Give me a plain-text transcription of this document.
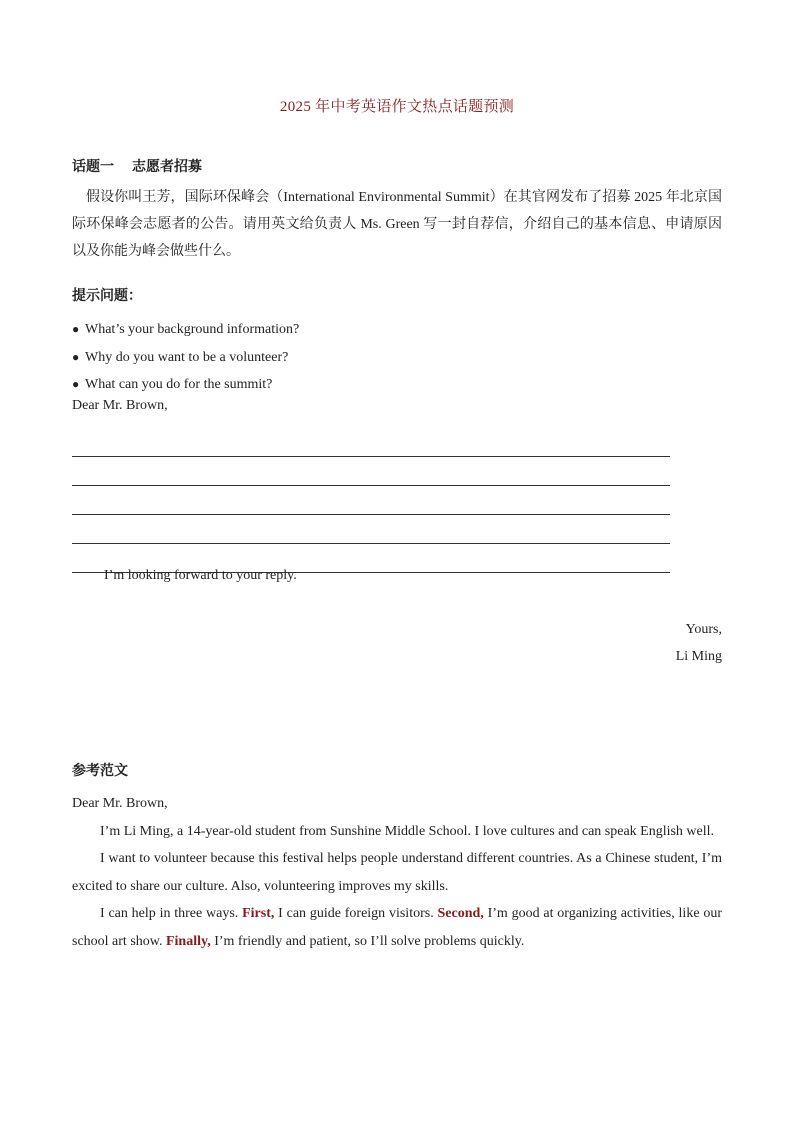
2025 年中考英语作文热点话题预测
话题一 志愿者招募
假设你叫王芳，国际环保峰会（International Environmental Summit）在其官网发布了招募 2025 年北京国际环保峰会志愿者的公告。请用英文给负责人 Ms. Green 写一封自荐信，介绍自己的基本信息、申请原因以及你能为峰会做些什么。
提示问题：
● What’s your background information?
● Why do you want to be a volunteer?
● What can you do for the summit?
Dear Mr. Brown,
I’m looking forward to your reply.
Yours,
Li Ming
参考范文

Dear Mr. Brown,

I’m Li Ming, a 14-year-old student from Sunshine Middle School. I love cultures and can speak English well.

I want to volunteer because this festival helps people understand different countries. As a Chinese student, I’m excited to share our culture. Also, volunteering improves my skills.

I can help in three ways. First, I can guide foreign visitors. Second, I’m good at organizing activities, like our school art show. Finally, I’m friendly and patient, so I’ll solve problems quickly.
